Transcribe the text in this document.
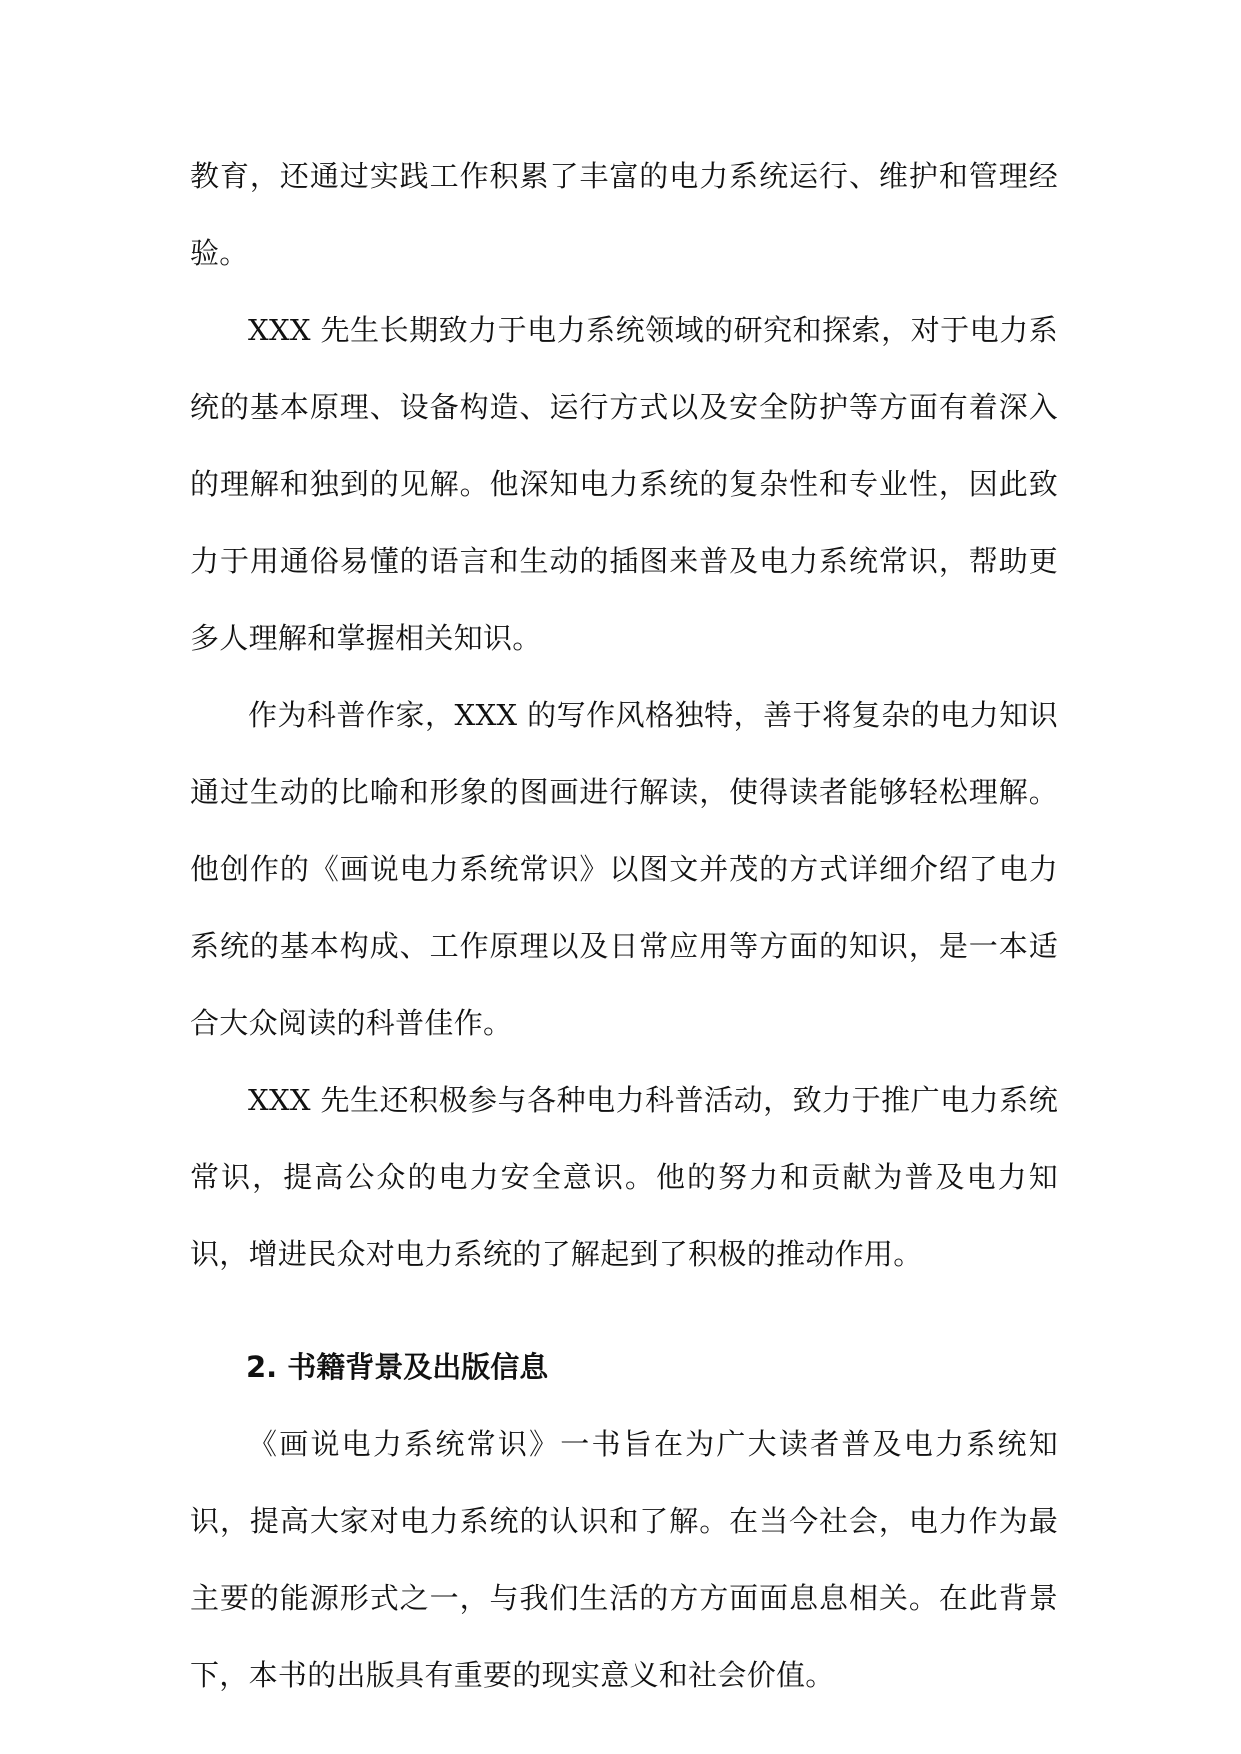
教育，还通过实践工作积累了丰富的电力系统运行、维护和管理经验。

XXX 先生长期致力于电力系统领域的研究和探索，对于电力系统的基本原理、设备构造、运行方式以及安全防护等方面有着深入的理解和独到的见解。他深知电力系统的复杂性和专业性，因此致力于用通俗易懂的语言和生动的插图来普及电力系统常识，帮助更多人理解和掌握相关知识。

作为科普作家，XXX 的写作风格独特，善于将复杂的电力知识通过生动的比喻和形象的图画进行解读，使得读者能够轻松理解。他创作的《画说电力系统常识》以图文并茂的方式详细介绍了电力系统的基本构成、工作原理以及日常应用等方面的知识，是一本适合大众阅读的科普佳作。

XXX 先生还积极参与各种电力科普活动，致力于推广电力系统常识，提高公众的电力安全意识。他的努力和贡献为普及电力知识，增进民众对电力系统的了解起到了积极的推动作用。

2. 书籍背景及出版信息

《画说电力系统常识》一书旨在为广大读者普及电力系统知识，提高大家对电力系统的认识和了解。在当今社会，电力作为最主要的能源形式之一，与我们生活的方方面面息息相关。在此背景下，本书的出版具有重要的现实意义和社会价值。
